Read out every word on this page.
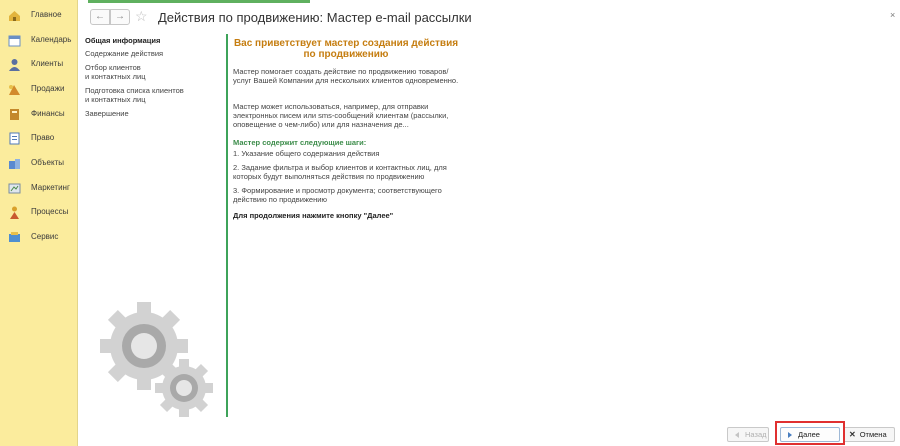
Главное
Календарь
Клиенты
Продажи
Финансы
Право
Объекты
Маркетинг
Процессы
Сервис
←	→ ☆ Действия по продвижению: Мастер e-mail рассылки	×
Общая информация
Содержание действия
Отбор клиентов
и контактных лиц
Подготовка списка клиентов
и контактных лиц
Завершение
Вас приветствует мастер создания действия по продвижению
Мастер помогает создать действие по продвижению товаров/услуг Вашей Компании для нескольких клиентов одновременно.
Мастер может использоваться, например, для отправки электронных писем или sms-сообщений клиентам (рассылки, оповещение о чем-либо) или для назначения де...
Мастер содержит следующие шаги:
1. Указание общего содержания действия
2. Задание фильтра и выбор клиентов и контактных лиц, для которых будут выполняться действия по продвижению
3. Формирование и просмотр документа; соответствующего действию по продвижению
Для продолжения нажмите кнопку "Далее"
Назад	Далее	✕ Отмена
